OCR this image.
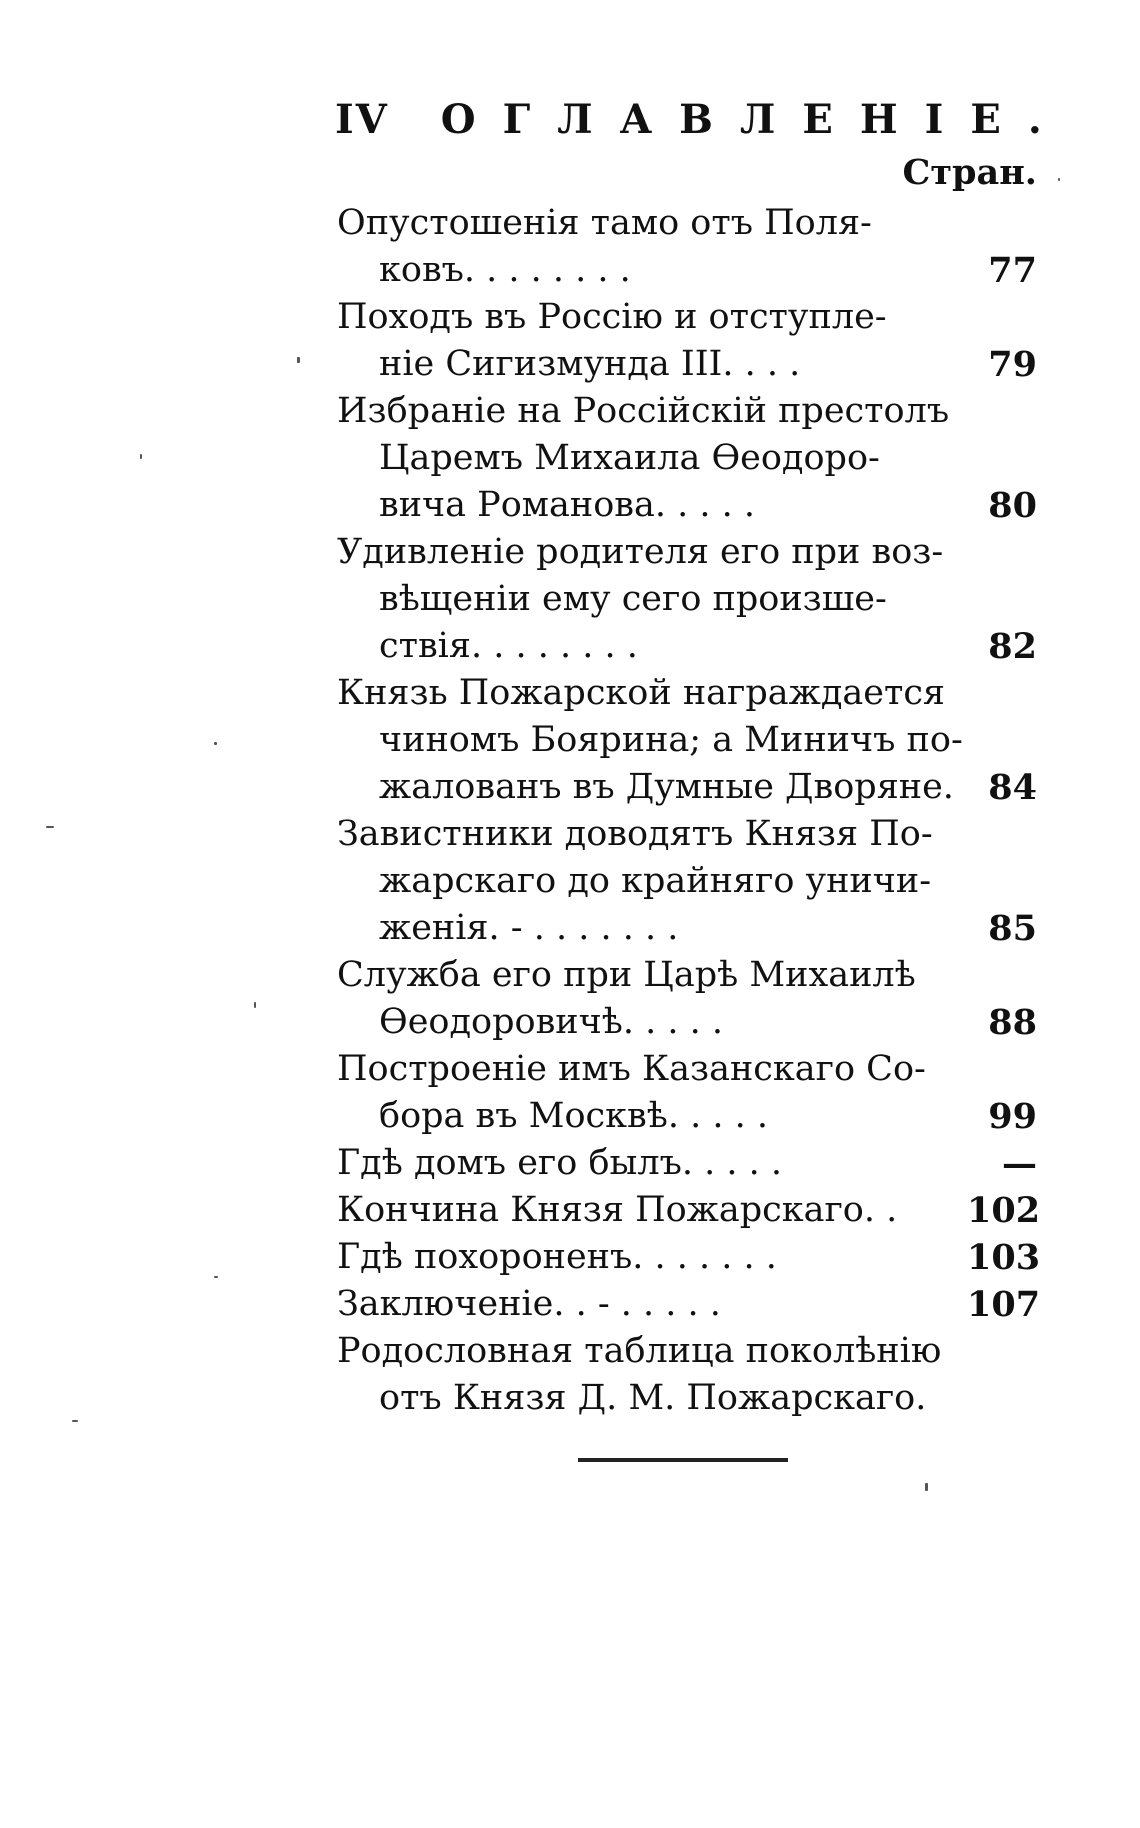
IV ОГЛАВЛЕНІЕ.
Стран.
Опустошенія тамо отъ Поля-
ковъ. . . . . . . .	77
Походъ въ Россію и отступле-
ніе Сигизмунда III. . . .	79
Избраніе на Россійскій престолъ
Царемъ Михаила Ѳеодоро-
вича Романова. . . . .	80
Удивленіе родителя его при воз-
вѣщеніи ему сего произше-
ствія. . . . . . . .	82
Князь Пожарской награждается
чиномъ Боярина; а Миничъ по-
жалованъ въ Думные Дворяне. 84
Завистники доводятъ Князя По-
жарскаго до крайняго уничи-
женія. - . . . . . . .	85
Служба его при Царѣ Михаилѣ
Ѳеодоровичѣ. . . . .	88
Построеніе имъ Казанскаго Со-
бора въ Москвѣ. . . . .	99
Гдѣ домъ его былъ. . . . .	—
Кончина Князя Пожарскаго. .	102
Гдѣ похороненъ. . . . . . .	103
Заключеніе. . - . . . . .	107
Родословная таблица поколѣнію
отъ Князя Д. М. Пожарскаго.
